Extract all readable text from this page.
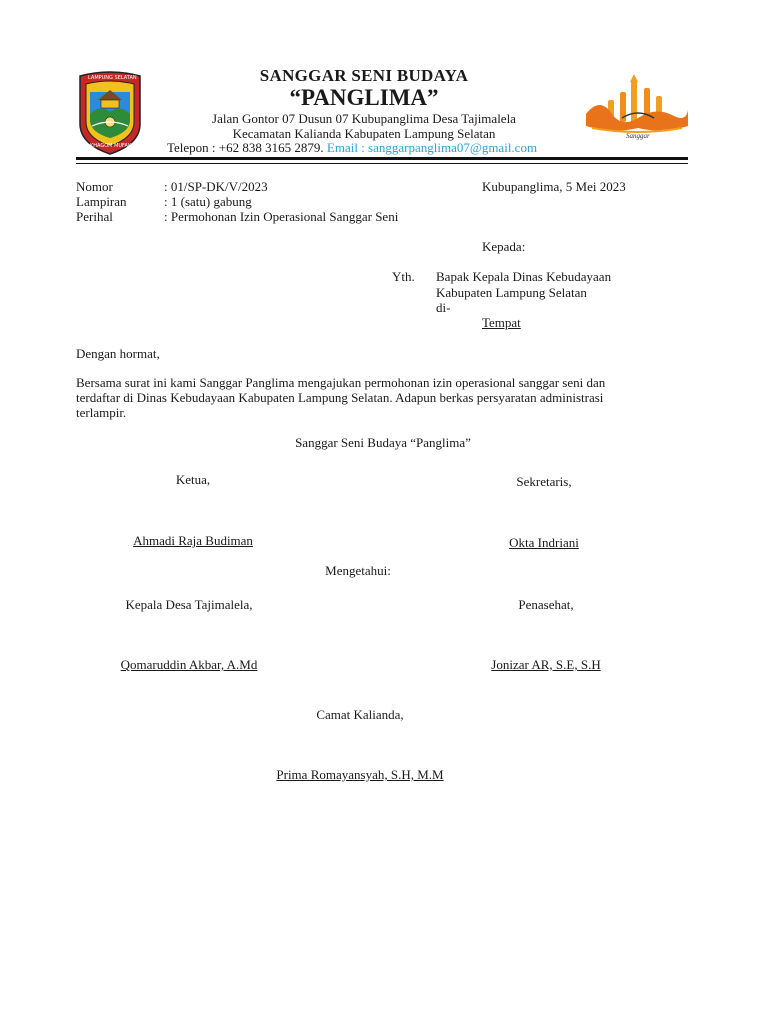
LAMPUNG SELATAN
KHAGOM MUFAKAT
Sanggar
SANGGAR SENI BUDAYA
“PANGLIMA”
Jalan Gontor 07 Dusun 07 Kubupanglima Desa Tajimalela
Kecamatan Kalianda Kabupaten Lampung Selatan
Telepon : +62 838 3165 2879. Email : sanggarpanglima07@gmail.com
Nomor	: 01/SP-DK/V/2023	Kubupanglima, 5 Mei 2023
Lampiran	: 1 (satu) gabung
Perihal	: Permohonan Izin Operasional Sanggar Seni
Kepada:
Yth. Bapak Kepala Dinas Kebudayaan
Kabupaten Lampung Selatan
di-
Tempat
Dengan hormat,
Bersama surat ini kami Sanggar Panglima mengajukan permohonan izin operasional sanggar seni dan
terdaftar di Dinas Kebudayaan Kabupaten Lampung Selatan. Adapun berkas persyaratan administrasi
terlampir.
Sanggar Seni Budaya “Panglima”
Ketua,	Sekretaris,
Ahmadi Raja Budiman	Okta Indriani
Mengetahui:
Kepala Desa Tajimalela,	Penasehat,
Qomaruddin Akbar, A.Md	Jonizar AR, S.E, S.H
Camat Kalianda,
Prima Romayansyah, S.H, M.M
